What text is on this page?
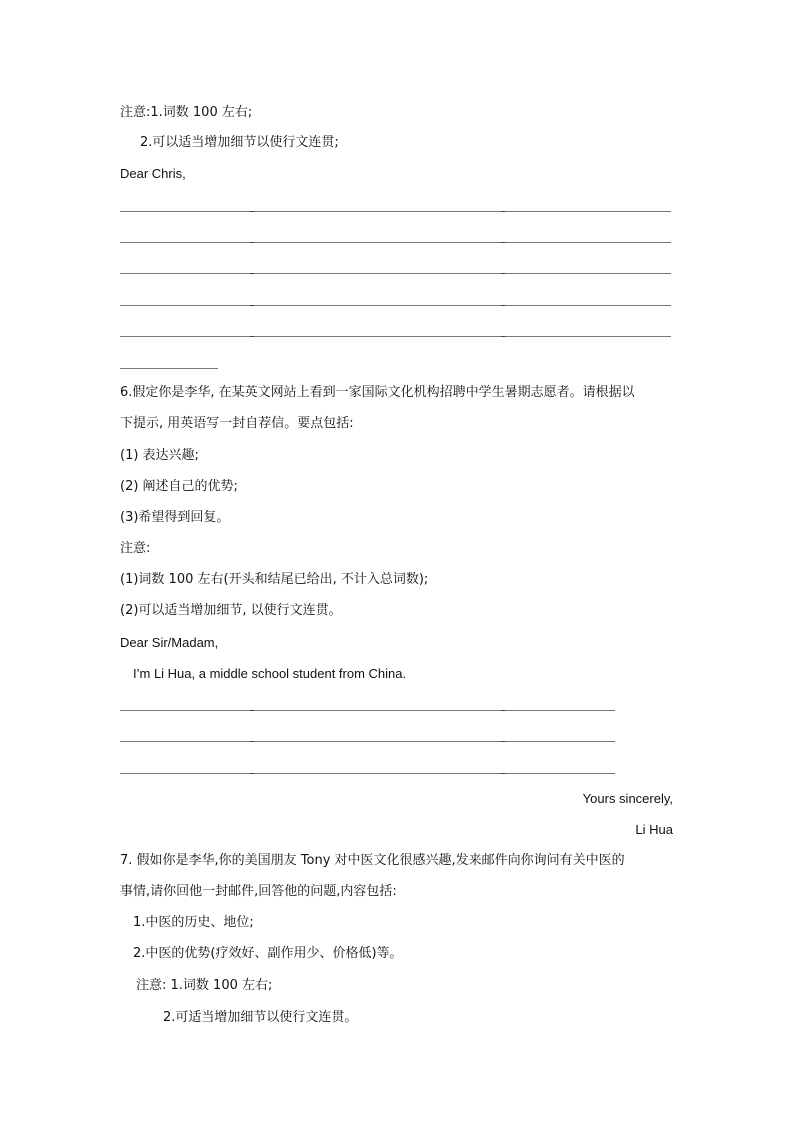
注意:1.词数 100 左右;
2.可以适当增加细节以使行文连贯;
Dear Chris,
6.假定你是李华, 在某英文网站上看到一家国际文化机构招聘中学生暑期志愿者。请根据以
下提示, 用英语写一封自荐信。要点包括:
(1) 表达兴趣;
(2) 阐述自己的优势;
(3)希望得到回复。
注意:
(1)词数 100 左右(开头和结尾已给出, 不计入总词数);
(2)可以适当增加细节, 以使行文连贯。
Dear Sir/Madam,
I’m Li Hua, a middle school student from China.
Yours sincerely,
Li Hua
7. 假如你是李华,你的美国朋友 Tony 对中医文化很感兴趣,发来邮件向你询问有关中医的
事情,请你回他一封邮件,回答他的问题,内容包括:
1.中医的历史、地位;
2.中医的优势(疗效好、副作用少、价格低)等。
注意: 1.词数 100 左右;
2.可适当增加细节以使行文连贯。
